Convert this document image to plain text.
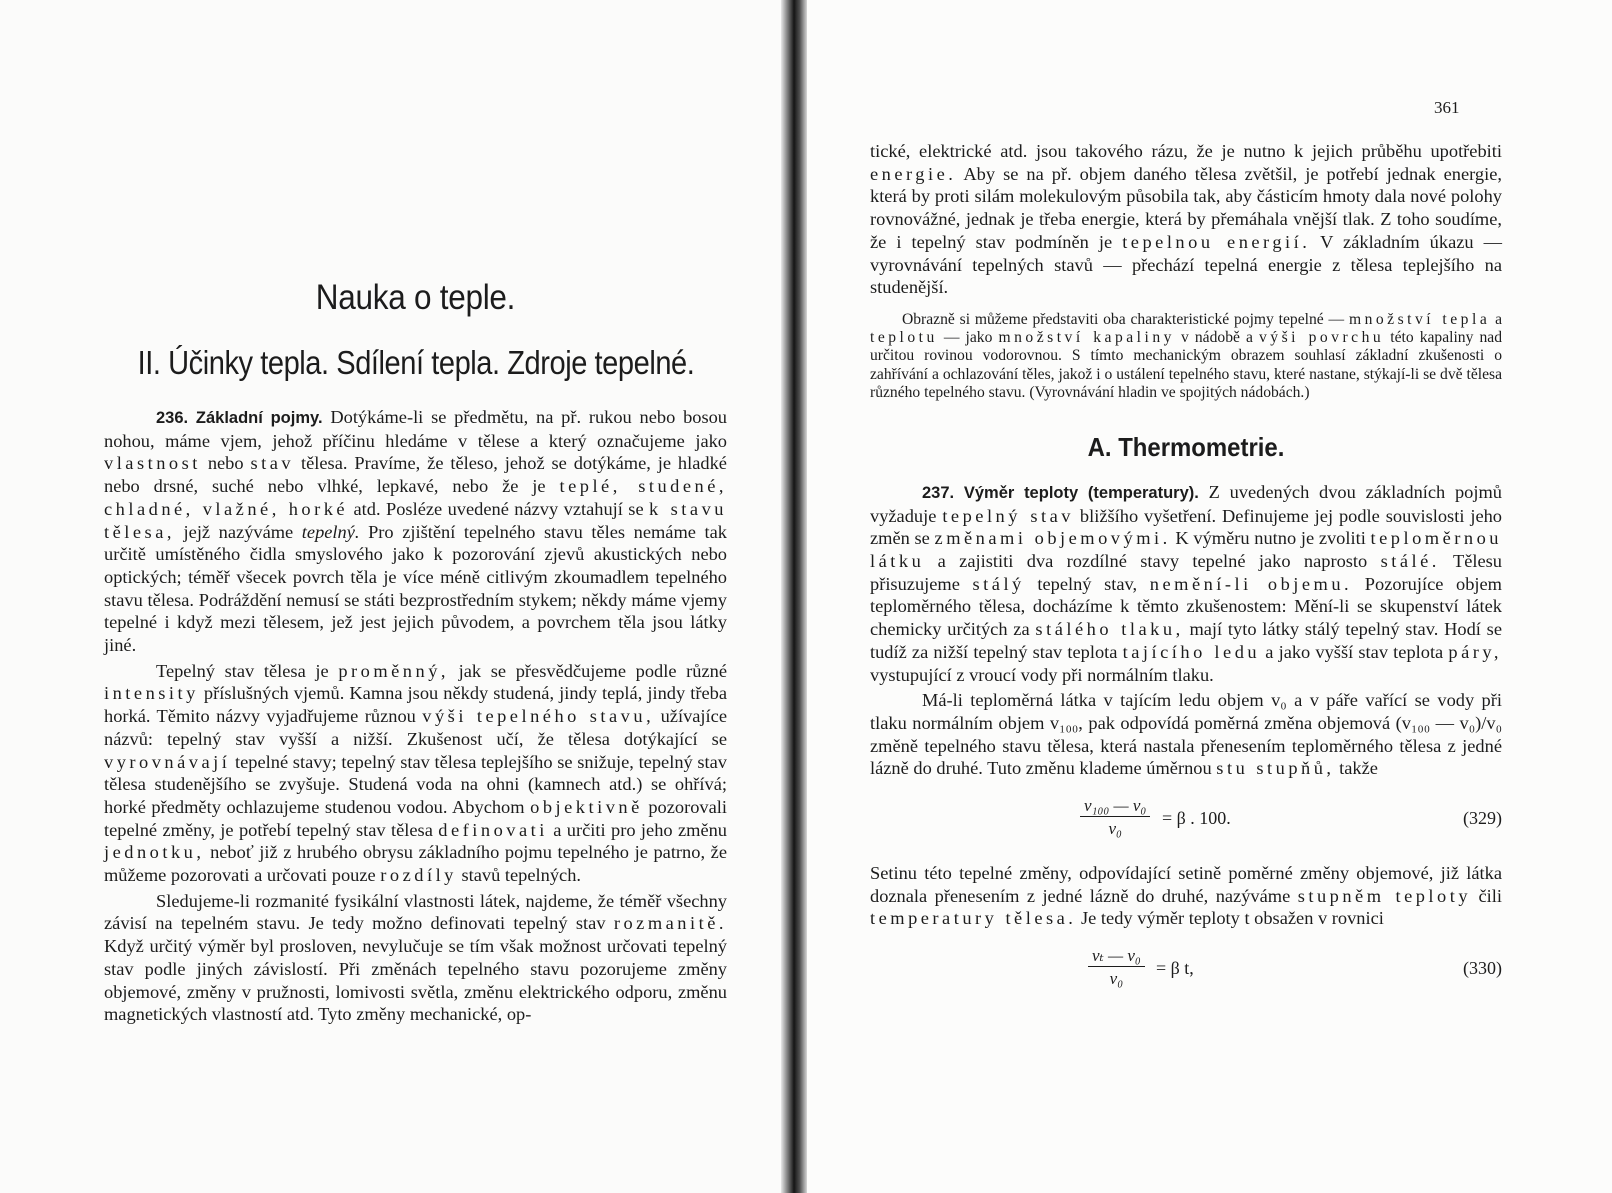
Nauka o teple.
II. Účinky tepla. Sdílení tepla. Zdroje tepelné.

236. Základní pojmy. Dotýkáme-li se předmětu, na př. rukou nebo bosou nohou, máme vjem, jehož příčinu hledáme v tělese a který označujeme jako vlastnost nebo stav tělesa. Pravíme, že těleso, jehož se dotýkáme, je hladké nebo drsné, suché nebo vlhké, lepkavé, nebo že je teplé, studené, chladné, vlažné, horké atd. Posléze uvedené názvy vztahují se k stavu tělesa, jejž nazýváme tepelný. Pro zjištění tepelného stavu těles nemáme tak určitě umístěného čidla smyslového jako k pozorování zjevů akustických nebo optických; téměř všecek povrch těla je více méně citlivým zkoumadlem tepelného stavu tělesa. Podráždění nemusí se státi bezprostředním stykem; někdy máme vjemy tepelné i když mezi tělesem, jež jest jejich původem, a povrchem těla jsou látky jiné.

Tepelný stav tělesa je proměnný, jak se přesvědčujeme podle různé intensity příslušných vjemů. Kamna jsou někdy studená, jindy teplá, jindy třeba horká. Těmito názvy vyjadřujeme různou výši tepelného stavu, užívajíce názvů: tepelný stav vyšší a nižší. Zkušenost učí, že tělesa dotýkající se vyrovnávají tepelné stavy; tepelný stav tělesa teplejšího se snižuje, tepelný stav tělesa studenějšího se zvyšuje. Studená voda na ohni (kamnech atd.) se ohřívá; horké předměty ochlazujeme studenou vodou. Abychom objektivně pozorovali tepelné změny, je potřebí tepelný stav tělesa definovati a určiti pro jeho změnu jednotku, neboť již z hrubého obrysu základního pojmu tepelného je patrno, že můžeme pozorovati a určovati pouze rozdíly stavů tepelných.

Sledujeme-li rozmanité fysikální vlastnosti látek, najdeme, že téměř všechny závisí na tepelném stavu. Je tedy možno definovati tepelný stav rozmanitě. Když určitý výměr byl prosloven, nevylučuje se tím však možnost určovati tepelný stav podle jiných závislostí. Při změnách tepelného stavu pozorujeme změny objemové, změny v pružnosti, lomivosti světla, změnu elektrického odporu, změnu magnetických vlastností atd. Tyto změny mechanické, op-

361

tické, elektrické atd. jsou takového rázu, že je nutno k jejich průběhu upotřebiti energie. Aby se na př. objem daného tělesa zvětšil, je potřebí jednak energie, která by proti silám molekulovým působila tak, aby částicím hmoty dala nové polohy rovnovážné, jednak je třeba energie, která by přemáhala vnější tlak. Z toho soudíme, že i tepelný stav podmíněn je tepelnou energií. V základním úkazu — vyrovnávání tepelných stavů — přechází tepelná energie z tělesa teplejšího na studenější.

Obrazně si můžeme představiti oba charakteristické pojmy tepelné — množství tepla a teplotu — jako množství kapaliny v nádobě a výši povrchu této kapaliny nad určitou rovinou vodorovnou. S tímto mechanickým obrazem souhlasí základní zkušenosti o zahřívání a ochlazování těles, jakož i o ustálení tepelného stavu, které nastane, stýkají-li se dvě tělesa různého tepelného stavu. (Vyrovnávání hladin ve spojitých nádobách.)

A. Thermometrie.

237. Výměr teploty (temperatury). Z uvedených dvou základních pojmů vyžaduje tepelný stav bližšího vyšetření. Definujeme jej podle souvislosti jeho změn se změnami objemovými. K výměru nutno je zvoliti teploměrnou látku a zajistiti dva rozdílné stavy tepelné jako naprosto stálé. Tělesu přisuzujeme stálý tepelný stav, nemění-li objemu. Pozorujíce objem teploměrného tělesa, docházíme k těmto zkušenostem: Mění-li se skupenství látek chemicky určitých za stálého tlaku, mají tyto látky stálý tepelný stav. Hodí se tudíž za nižší tepelný stav teplota tajícího ledu a jako vyšší stav teplota páry, vystupující z vroucí vody při normálním tlaku.

Má-li teploměrná látka v tajícím ledu objem v₀ a v páře vařící se vody při tlaku normálním objem v₁₀₀, pak odpovídá poměrná změna objemová (v₁₀₀ — v₀)/v₀ změně tepelného stavu tělesa, která nastala přenesením teploměrného tělesa z jedné lázně do druhé. Tuto změnu klademe úměrnou stu stupňů, takže

$\frac{\text{v₁₀₀ — v₀}}{\text{v₀}} = \beta$ . 100.	(329)

Setinu této tepelné změny, odpovídající setině poměrné změny objemové, již látka doznala přenesením z jedné lázně do druhé, nazýváme stupněm teploty čili temperatury tělesa. Je tedy výměr teploty t obsažen v rovnici

$\frac{\text{vₜ — v₀}}{\text{v₀}} = \beta$ t,	(330)
